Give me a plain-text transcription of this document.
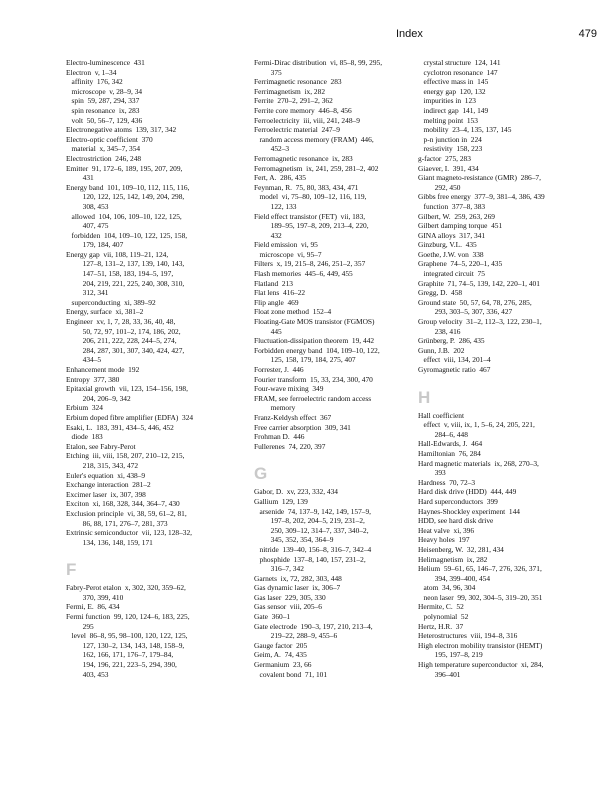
Index	479
Electro-luminescence  431
Electron  v, 1–34
affinity  176, 342
microscope  v, 28–9, 34
spin  59, 287, 294, 337
spin resonance  ix, 283
volt  50, 56–7, 129, 436
Electronegative atoms  139, 317, 342
Electro-optic coefficient  370
material  x, 345–7, 354
Electrostriction  246, 248
Emitter  91, 172–6, 189, 195, 207, 209,
431
Energy band  101, 109–10, 112, 115, 116,
120, 122, 125, 142, 149, 204, 298,
308, 453
allowed  104, 106, 109–10, 122, 125,
407, 475
forbidden  104, 109–10, 122, 125, 158,
179, 184, 407
Energy gap  vii, 108, 119–21, 124,
127–8, 131–2, 137, 139, 140, 143,
147–51, 158, 183, 194–5, 197,
204, 219, 221, 225, 240, 308, 310,
312, 341
superconducting  xi, 389–92
Energy, surface  xi, 381–2
Engineer  xv, 1, 7, 28, 33, 36, 40, 48,
50, 72, 97, 101–2, 174, 186, 202,
206, 211, 222, 228, 244–5, 274,
284, 287, 301, 307, 340, 424, 427,
434–5
Enhancement mode  192
Entropy  377, 380
Epitaxial growth  vii, 123, 154–156, 198,
204, 206–9, 342
Erbium  324
Erbium doped fibre amplifier (EDFA)  324
Esaki, L.  183, 391, 434–5, 446, 452
diode  183
Etalon, see Fabry-Perot
Etching  iii, viii, 158, 207, 210–12, 215,
218, 315, 343, 472
Euler's equation  xi, 438–9
Exchange interaction  281–2
Excimer laser  ix, 307, 398
Exciton  xi, 168, 328, 344, 364–7, 430
Exclusion principle  vi, 38, 59, 61–2, 81,
86, 88, 171, 276–7, 281, 373
Extrinsic semiconductor  vii, 123, 128–32,
134, 136, 148, 159, 171
F
Fabry-Perot etalon  x, 302, 320, 359–62,
370, 399, 410
Fermi, E.  86, 434
Fermi function  99, 120, 124–6, 183, 225,
295
level  86–8, 95, 98–100, 120, 122, 125,
127, 130–2, 134, 143, 148, 158–9,
162, 166, 171, 176–7, 179–84,
194, 196, 221, 223–5, 294, 390,
403, 453
Fermi-Dirac distribution  vi, 85–8, 99, 295,
375
Ferrimagnetic resonance  283
Ferrimagnetism  ix, 282
Ferrite  270–2, 291–2, 362
Ferrite core memory  446–8, 456
Ferroelectricity  iii, viii, 241, 248–9
Ferroelectric material  247–9
random access memory (FRAM)  446,
452–3
Ferromagnetic resonance  ix, 283
Ferromagnetism  ix, 241, 259, 281–2, 402
Fert, A.  286, 435
Feynman, R.  75, 80, 383, 434, 471
model  vi, 75–80, 109–12, 116, 119,
122, 133
Field effect transistor (FET)  vii, 183,
189–95, 197–8, 209, 213–4, 220,
432
Field emission  vi, 95
microscope  vi, 95–7
Filters  x, 19, 215–8, 246, 251–2, 357
Flash memories  445–6, 449, 455
Flatland  213
Flat lens  416–22
Flip angle  469
Float zone method  152–4
Floating-Gate MOS transistor (FGMOS)
445
Fluctuation-dissipation theorem  19, 442
Forbidden energy band  104, 109–10, 122,
125, 158, 179, 184, 275, 407
Forrester, J.  446
Fourier transform  15, 33, 234, 300, 470
Four-wave mixing  349
FRAM, see ferroelectric random access
memory
Franz-Keldysh effect  367
Free carrier absorption  309, 341
Frohman D.  446
Fullerenes  74, 220, 397
G
Gabor, D.  xv, 223, 332, 434
Gallium  129, 139
arsenide  74, 137–9, 142, 149, 157–9,
197–8, 202, 204–5, 219, 231–2,
250, 309–12, 314–7, 337, 340–2,
345, 352, 354, 364–9
nitride  139–40, 156–8, 316–7, 342–4
phosphide  137–8, 140, 157, 231–2,
316–7, 342
Garnets  ix, 72, 282, 303, 448
Gas dynamic laser  ix, 306–7
Gas laser  229, 305, 330
Gas sensor  viii, 205–6
Gate  360–1
Gate electrode  190–3, 197, 210, 213–4,
219–22, 288–9, 455–6
Gauge factor  205
Geim, A.  74, 435
Germanium  23, 66
covalent bond  71, 101
crystal structure  124, 141
cyclotron resonance  147
effective mass in  145
energy gap  120, 132
impurities in  123
indirect gap  141, 149
melting point  153
mobility  23–4, 135, 137, 145
p-n junction in  224
resistivity  158, 223
g-factor  275, 283
Giaever, I.  391, 434
Giant magneto-resistance (GMR)  286–7,
292, 450
Gibbs free energy  377–9, 381–4, 386, 439
function  377–8, 383
Gilbert, W.  259, 263, 269
Gilbert damping torque  451
GINA alloys  317, 341
Ginzburg, V.L.  435
Goethe, J.W. von  338
Graphene  74–5, 220–1, 435
integrated circuit  75
Graphite  71, 74–5, 139, 142, 220–1, 401
Gregg, D.  458
Ground state  50, 57, 64, 78, 276, 285,
293, 303–5, 307, 336, 427
Group velocity  31–2, 112–3, 122, 230–1,
238, 416
Grünberg, P.  286, 435
Gunn, J.B.  202
effect  viii, 134, 201–4
Gyromagnetic ratio  467
H
Hall coefficient
effect  v, viii, ix, 1, 5–6, 24, 205, 221,
284–6, 448
Hall-Edwards, J.  464
Hamiltonian  76, 284
Hard magnetic materials  ix, 268, 270–3,
393
Hardness  70, 72–3
Hard disk drive (HDD)  444, 449
Hard superconductors  399
Haynes-Shockley experiment  144
HDD, see hard disk drive
Heat valve  xi, 396
Heavy holes  197
Heisenberg, W.  32, 281, 434
Helimagnetism  ix, 282
Helium  59–61, 65, 146–7, 276, 326, 371,
394, 399–400, 454
atom  34, 96, 304
neon laser  99, 302, 304–5, 319–20, 351
Hermite, C.  52
polynomial  52
Hertz, H.R.  37
Heterostructures  viii, 194–8, 316
High electron mobility transistor (HEMT)
195, 197–8, 219
High temperature superconductor  xi, 284,
396–401
